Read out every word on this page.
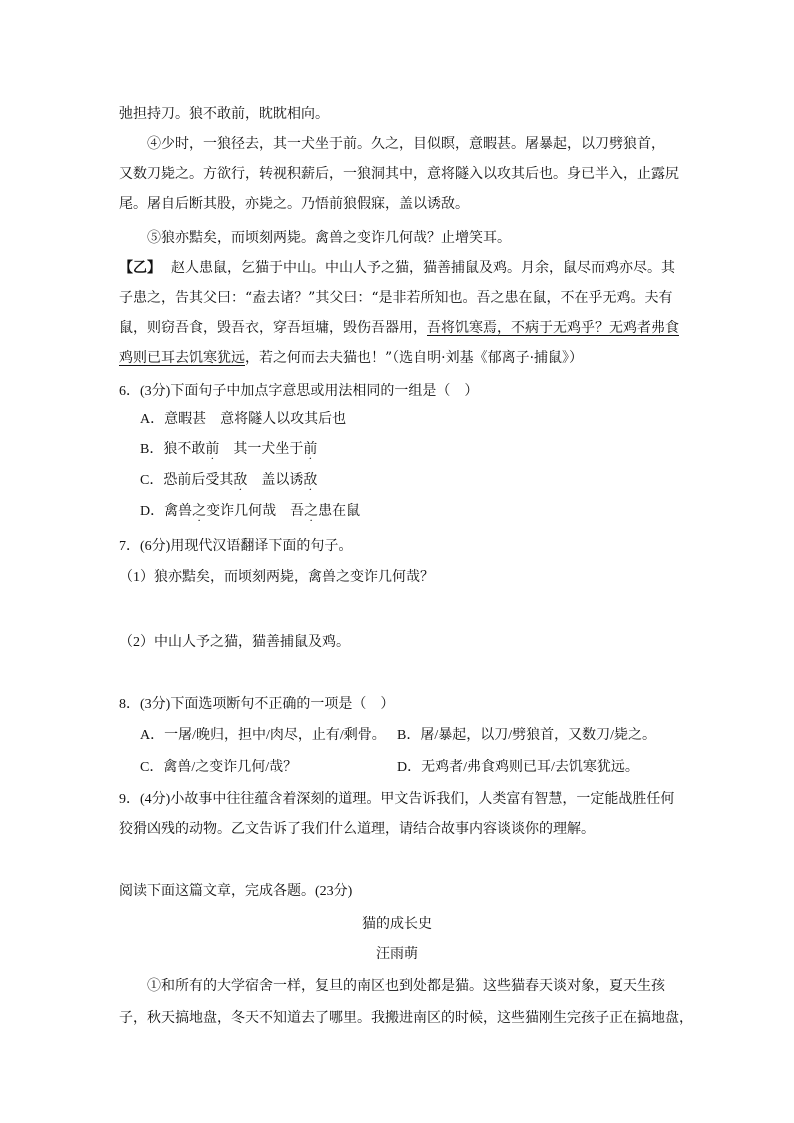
弛担持刀。狼不敢前，眈眈相向。
④少时，一狼径去，其一犬坐于前。久之，目似瞑，意暇甚。屠暴起，以刀劈狼首，
又数刀毙之。方欲行，转视积薪后，一狼洞其中，意将隧入以攻其后也。身已半入，止露尻
尾。屠自后断其股，亦毙之。乃悟前狼假寐，盖以诱敌。
⑤狼亦黠矣，而顷刻两毙。禽兽之变诈几何哉？止增笑耳。
【乙】 赵人患鼠，乞猫于中山。中山人予之猫，猫善捕鼠及鸡。月余，鼠尽而鸡亦尽。其
子患之，告其父曰：“盍去诸？”其父曰：“是非若所知也。吾之患在鼠，不在乎无鸡。夫有
鼠，则窃吾食，毁吾衣，穿吾垣墉，毁伤吾器用，吾将饥寒焉，不病于无鸡乎？无鸡者弗食
鸡则已耳去饥寒犹远，若之何而去夫猫也！”（选自明·刘基《郁离子·捕鼠》）
6．(3分)下面句子中加点字意思或用法相同的一组是（　）
A．意暇甚　意将隧人以攻其后也
B．狼不敢前　其一犬坐于前
C．恐前后受其敌　盖以诱敌
D．禽兽之变诈几何哉　吾之患在鼠
7．(6分)用现代汉语翻译下面的句子。
（1）狼亦黠矣，而顷刻两毙，禽兽之变诈几何哉？
（2）中山人予之猫，猫善捕鼠及鸡。
8．(3分)下面选项断句不正确的一项是（　）
A．一屠/晚归，担中/肉尽，止有/剩骨。 B．屠/暴起，以刀/劈狼首，又数刀/毙之。
C．禽兽/之变诈几何/哉？	D．无鸡者/弗食鸡则已耳/去饥寒犹远。
9．(4分)小故事中往往蕴含着深刻的道理。甲文告诉我们，人类富有智慧，一定能战胜任何
狡猾凶残的动物。乙文告诉了我们什么道理，请结合故事内容谈谈你的理解。
阅读下面这篇文章，完成各题。(23分)
猫的成长史
汪雨萌
①和所有的大学宿舍一样，复旦的南区也到处都是猫。这些猫春天谈对象，夏天生孩
子，秋天搞地盘，冬天不知道去了哪里。我搬进南区的时候，这些猫刚生完孩子正在搞地盘，
